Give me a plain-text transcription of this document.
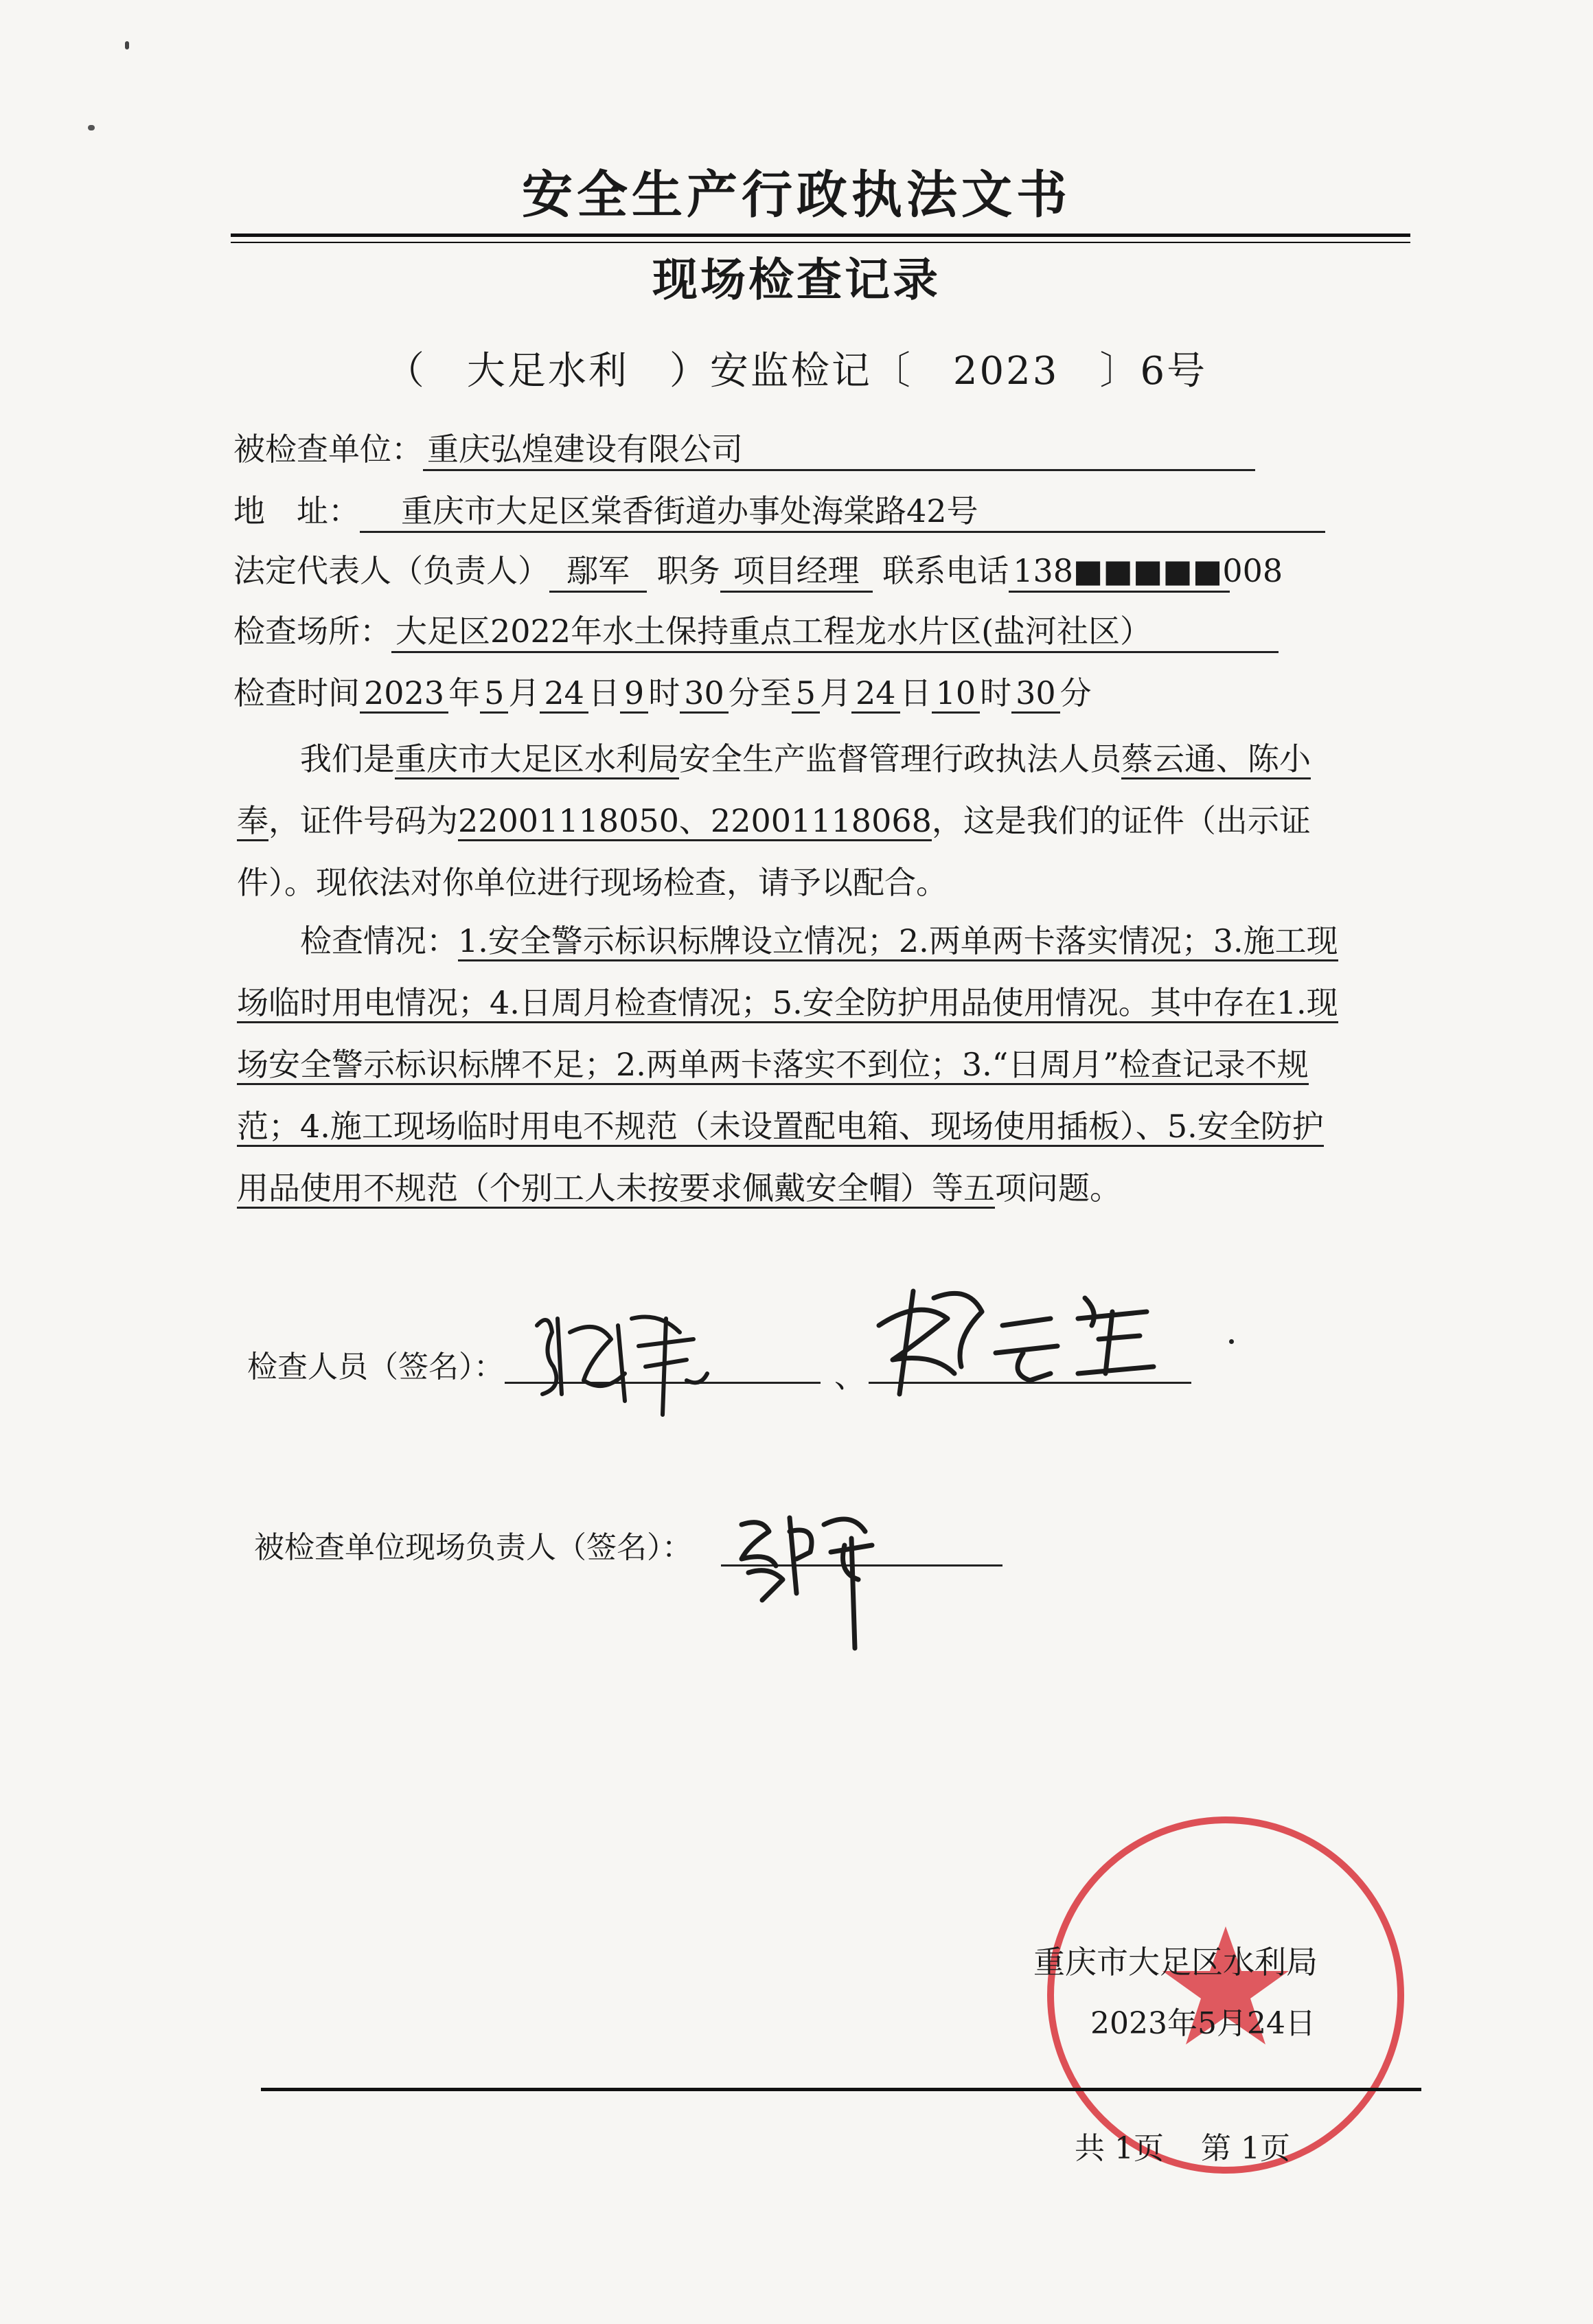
安全生产行政执法文书
现场检查记录
（　大足水利　）安监检记〔　2023　〕6号
被检查单位： 重庆弘煌建设有限公司
地　址： 重庆市大足区棠香街道办事处海棠路42号
法定代表人（负责人） 鄢军 职务 项目经理 联系电话 138■■■■■008
检查场所： 大足区2022年水土保持重点工程龙水片区(盐河社区）
检查时间 2023 年 5 月 24 日 9 时 30 分至 5 月 24 日 10 时 30 分
我们是重庆市大足区水利局安全生产监督管理行政执法人员蔡云通、陈小奉，证件号码为22001118050、22001118068，这是我们的证件（出示证件）。现依法对你单位进行现场检查，请予以配合。
检查情况：1.安全警示标识标牌设立情况；2.两单两卡落实情况；3.施工现场临时用电情况；4.日周月检查情况；5.安全防护用品使用情况。其中存在1.现场安全警示标识标牌不足；2.两单两卡落实不到位；3.“日周月”检查记录不规范；4.施工现场临时用电不规范（未设置配电箱、现场使用插板）、5.安全防护用品使用不规范（个别工人未按要求佩戴安全帽）等五项问题。
检查人员（签名）：	、
被检查单位现场负责人（签名）：
重庆市大足区水利局
2023年5月24日
共 1页 第 1页
